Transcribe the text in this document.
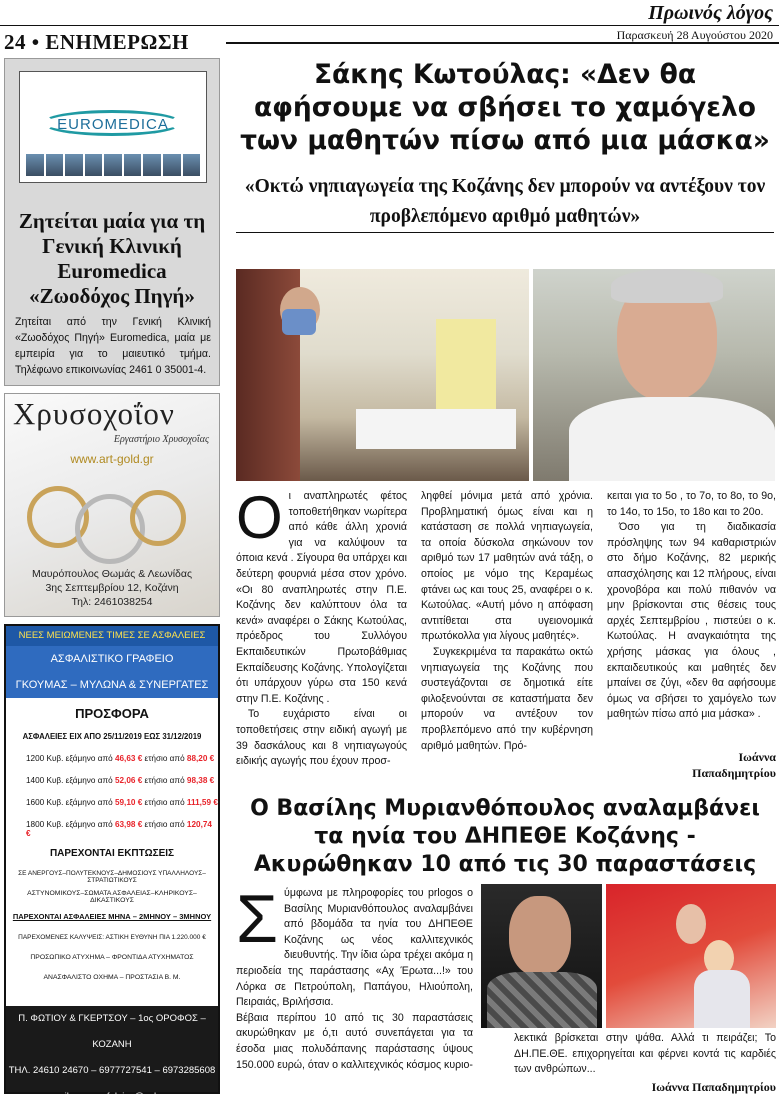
Πρωινός λόγος
Παρασκευή 28 Αυγούστου 2020
24 • ΕΝΗΜΕΡΩΣΗ
EUROMEDICA
Ζητείται μαία για τη Γενική Κλινική Euromedica «Ζωοδόχος Πηγή»

Ζητείται από την Γενική Κλινική «Ζωοδόχος Πηγή» Euromedica, μαία με εμπειρία για το μαιευτικό τμήμα. Τηλέφωνο επικοινωνίας 2461 0 35001-4.

Χρυσοχοΐον
Εργαστήριο Χρυσοχοΐας
www.art-gold.gr
Μαυρόπουλος Θωμάς & Λεωνίδας
3ης Σεπτεμβρίου 12, Κοζάνη
Τηλ: 2461038254
ΝΕΕΣ ΜΕΙΩΜΕΝΕΣ ΤΙΜΕΣ ΣΕ ΑΣΦΑΛΕΙΕΣ
ΑΣΦΑΛΙΣΤΙΚΟ ΓΡΑΦΕΙΟ
ΓΚΟΥΜΑΣ – ΜΥΛΩΝΑ & ΣΥΝΕΡΓΑΤΕΣ
ΠΡΟΣΦΟΡΑ
ΑΣΦΑΛΕΙΕΣ ΕΙΧ ΑΠΟ 25/11/2019 ΕΩΣ 31/12/2019
1200 Κυβ. εξάμηνο από 46,63 € ετήσιο από 88,20 €
1400 Κυβ. εξάμηνο από 52,06 € ετήσιο από 98,38 €
1600 Κυβ. εξάμηνο από 59,10 € ετήσιο από 111,59 €
1800 Κυβ. εξάμηνο από 63,98 € ετήσιο από 120,74 €
ΠΑΡΕΧΟΝΤΑΙ ΕΚΠΤΩΣΕΙΣ
ΣΕ ΑΝΕΡΓΟΥΣ–ΠΟΛΥΤΕΚΝΟΥΣ–ΔΗΜΟΣΙΟΥΣ ΥΠΑΛΛΗΛΟΥΣ–ΣΤΡΑΤΙΩΤΙΚΟΥΣ
ΑΣΤΥΝΟΜΙΚΟΥΣ–ΣΩΜΑΤΑ ΑΣΦΑΛΕΙΑΣ–ΚΛΗΡΙΚΟΥΣ–ΔΙΚΑΣΤΙΚΟΥΣ
ΠΑΡΕΧΟΝΤΑΙ ΑΣΦΑΛΕΙΕΣ ΜΗΝΑ – 2ΜΗΝΟΥ – 3ΜΗΝΟΥ
ΠΑΡΕΧΟΜΕΝΕΣ ΚΑΛΥΨΕΙΣ: ΑΣΤΙΚΗ ΕΥΘΥΝΗ ΠΙΑ 1.220.000 €
ΠΡΟΣΩΠΙΚΟ ΑΤΥΧΗΜΑ – ΦΡΟΝΤΙΔΑ ΑΤΥΧΗΜΑΤΟΣ
ΑΝΑΣΦΑΛΙΣΤΟ ΟΧΗΜΑ – ΠΡΟΣΤΑΣΙΑ Β. Μ.
Π. ΦΩΤΙΟΥ & ΓΚΕΡΤΣΟΥ – 1ος ΟΡΟΦΟΣ – ΚΟΖΑΝΗ
ΤΗΛ. 24610 24670 – 6977727541 – 6973285608
e-mail : gss_asfaleies@yahoo.gr
Σάκης Κωτούλας: «Δεν θα αφήσουμε να σβήσει το χαμόγελο των μαθητών πίσω από μια μάσκα»
«Οκτώ νηπιαγωγεία της Κοζάνης δεν μπορούν να αντέξουν τον προβλεπόμενο αριθμό μαθητών»
Ο ι αναπληρωτές φέτος τοποθετήθηκαν νωρίτερα από κάθε άλλη χρονιά για να καλύψουν τα όποια κενά . Σίγουρα θα υπάρχει και δεύτερη φουρνιά μέσα στον χρόνο. «Οι 80 αναπληρωτές στην Π.Ε. Κοζάνης δεν καλύπτουν όλα τα κενά» αναφέρει ο Σάκης Κωτούλας, πρόεδρος του Συλλόγου Εκπαιδευτικών Πρωτοβάθμιας Εκπαίδευσης Κοζάνης. Υπολογίζεται ότι υπάρχουν γύρω στα 150 κενά στην Π.Ε. Κοζάνης .

Το ευχάριστο είναι οι τοποθετήσεις στην ειδική αγωγή με 39 δασκάλους και 8 νηπιαγωγούς ειδικής αγωγής που έχουν προσ-

ληφθεί μόνιμα μετά από χρόνια. Προβληματική όμως είναι και η κατάσταση σε πολλά νηπιαγωγεία, τα οποία δύσκολα σηκώνουν τον αριθμό των 17 μαθητών ανά τάξη, ο οποίος με νόμο της Κεραμέως φτάνει ως και τους 25, αναφέρει ο κ. Κωτούλας. «Αυτή μόνο η απόφαση αντιτίθεται στα υγειονομικά πρωτόκολλα για λίγους μαθητές».

Συγκεκριμένα τα παρακάτω οκτώ νηπιαγωγεία της Κοζάνης που συστεγάζονται σε δημοτικά είτε φιλοξενούνται σε καταστήματα δεν μπορούν να αντέξουν τον προβλεπόμενο από την κυβέρνηση αριθμό μαθητών. Πρό-

κειται για το 5ο , το 7ο, το 8ο, το 9ο, το 14ο, το 15ο, το 18ο και το 20ο.

Όσο για τη διαδικασία πρόσληψης των 94 καθαριστριών στο δήμο Κοζάνης, 82 μερικής απασχόλησης και 12 πλήρους, είναι χρονοβόρα και πολύ πιθανόν να μην βρίσκονται στις θέσεις τους αρχές Σεπτεμβρίου , πιστεύει ο κ. Κωτούλας. Η αναγκαιότητα της χρήσης μάσκας για όλους , εκπαιδευτικούς και μαθητές δεν μπαίνει σε ζύγι, «δεν θα αφήσουμε όμως να σβήσει το χαμόγελο των μαθητών πίσω από μια μάσκα» .

Ιωάννα
Παπαδημητρίου
Ο Βασίλης Μυριανθόπουλος αναλαμβάνει τα ηνία του ΔΗΠΕΘΕ Κοζάνης - Ακυρώθηκαν 10 από τις 30 παραστάσεις
Σ ύμφωνα με πληροφορίες του prlogos ο Βασίλης Μυριανθόπουλος αναλαμβάνει από βδομάδα τα ηνία του ΔΗΠΕΘΕ Κοζάνης ως νέος καλλιτεχνικός διευθυντής. Την ίδια ώρα τρέχει ακόμα η περιοδεία της παράστασης «Αχ Έρωτα...!» του Λόρκα σε Πετρούπολη, Παπάγου, Ηλιούπολη, Πειραιάς, Βριλήσσια.

Βέβαια περίπου 10 από τις 30 παραστάσεις ακυρώθηκαν με ό,τι αυτό συνεπάγεται για τα έσοδα μιας πολυδάπανης παράστασης ύψους 150.000 ευρώ, όταν ο καλλιτεχνικός κόσμος κυριο-

λεκτικά βρίσκεται στην ψάθα. Αλλά τι πειράζει; Το ΔΗ.ΠΕ.ΘΕ. επιχορηγείται και φέρνει κοντά τις καρδιές των ανθρώπων...

Ιωάννα Παπαδημητρίου
